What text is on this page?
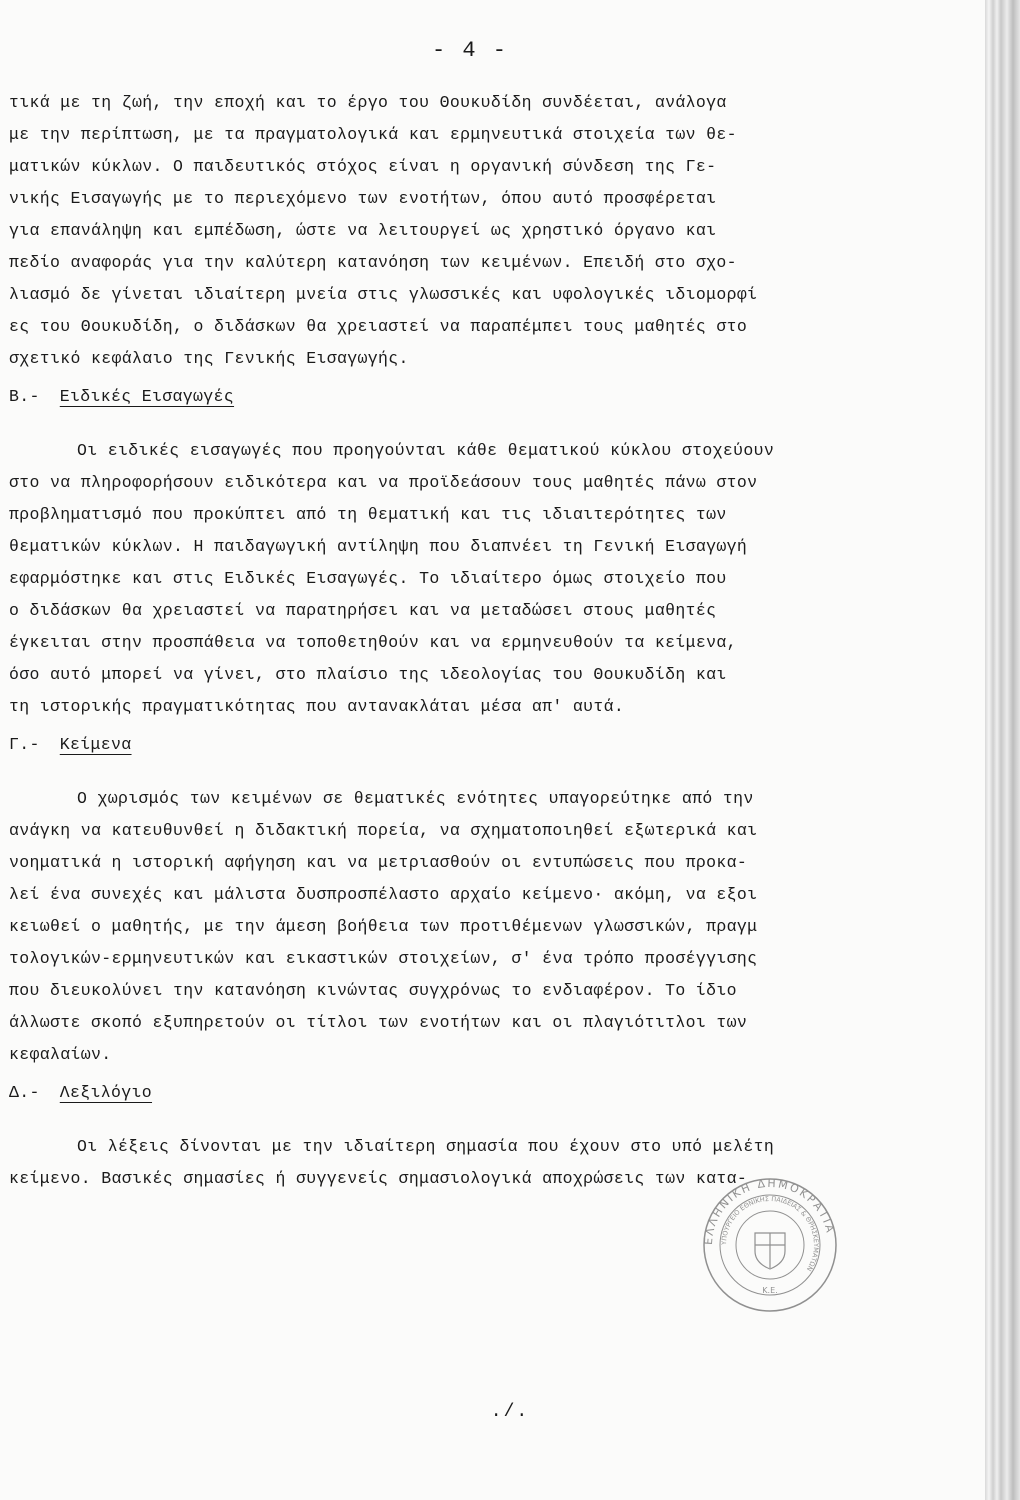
- 4 -
τικά με τη ζωή, την εποχή και το έργο του Θουκυδίδη συνδέεται, ανάλογα
με την περίπτωση, με τα πραγματολογικά και ερμηνευτικά στοιχεία των θε-
ματικών κύκλων. Ο παιδευτικός στόχος είναι η οργανική σύνδεση της Γε-
νικής Εισαγωγής με το περιεχόμενο των ενοτήτων, όπου αυτό προσφέρεται
για επανάληψη και εμπέδωση, ώστε να λειτουργεί ως χρηστικό όργανο και
πεδίο αναφοράς για την καλύτερη κατανόηση των κειμένων. Επειδή στο σχο-
λιασμό δε γίνεται ιδιαίτερη μνεία στις γλωσσικές και υφολογικές ιδιομορφί
ες του Θουκυδίδη, ο διδάσκων θα χρειαστεί να παραπέμπει τους μαθητές στο
σχετικό κεφάλαιο της Γενικής Εισαγωγής.
Β.- Ειδικές Εισαγωγές
Οι ειδικές εισαγωγές που προηγούνται κάθε θεματικού κύκλου στοχεύουν
στο να πληροφορήσουν ειδικότερα και να προϊδεάσουν τους μαθητές πάνω στον
προβληματισμό που προκύπτει από τη θεματική και τις ιδιαιτερότητες των
θεματικών κύκλων. Η παιδαγωγική αντίληψη που διαπνέει τη Γενική Εισαγωγή
εφαρμόστηκε και στις Ειδικές Εισαγωγές. Το ιδιαίτερο όμως στοιχείο που
ο διδάσκων θα χρειαστεί να παρατηρήσει και να μεταδώσει στους μαθητές
έγκειται στην προσπάθεια να τοποθετηθούν και να ερμηνευθούν τα κείμενα,
όσο αυτό μπορεί να γίνει, στο πλαίσιο της ιδεολογίας του Θουκυδίδη και
τη ιστορικής πραγματικότητας που αντανακλάται μέσα απ' αυτά.
Γ.- Κείμενα
Ο χωρισμός των κειμένων σε θεματικές ενότητες υπαγορεύτηκε από την
ανάγκη να κατευθυνθεί η διδακτική πορεία, να σχηματοποιηθεί εξωτερικά και
νοηματικά η ιστορική αφήγηση και να μετριασθούν οι εντυπώσεις που προκα-
λεί ένα συνεχές και μάλιστα δυσπροσπέλαστο αρχαίο κείμενο· ακόμη, να εξοι
κειωθεί ο μαθητής, με την άμεση βοήθεια των προτιθέμενων γλωσσικών, πραγμ
τολογικών-ερμηνευτικών και εικαστικών στοιχείων, σ' ένα τρόπο προσέγγισης
που διευκολύνει την κατανόηση κινώντας συγχρόνως το ενδιαφέρον. Το ίδιο
άλλωστε σκοπό εξυπηρετούν οι τίτλοι των ενοτήτων και οι πλαγιότιτλοι των
κεφαλαίων.
Δ.- Λεξιλόγιο
Οι λέξεις δίνονται με την ιδιαίτερη σημασία που έχουν στο υπό μελέτη
κείμενο. Βασικές σημασίες ή συγγενείς σημασιολογικά αποχρώσεις των κατα-
ΕΛΛΗΝΙΚΗ ΔΗΜΟΚΡΑΤΙΑ
ΥΠΟΥΡΓΕΙΟ ΕΘΝΙΚΗΣ ΠΑΙΔΕΙΑΣ & ΘΡΗΣΚΕΥΜΑΤΩΝ
Κ.Ε.
./.
